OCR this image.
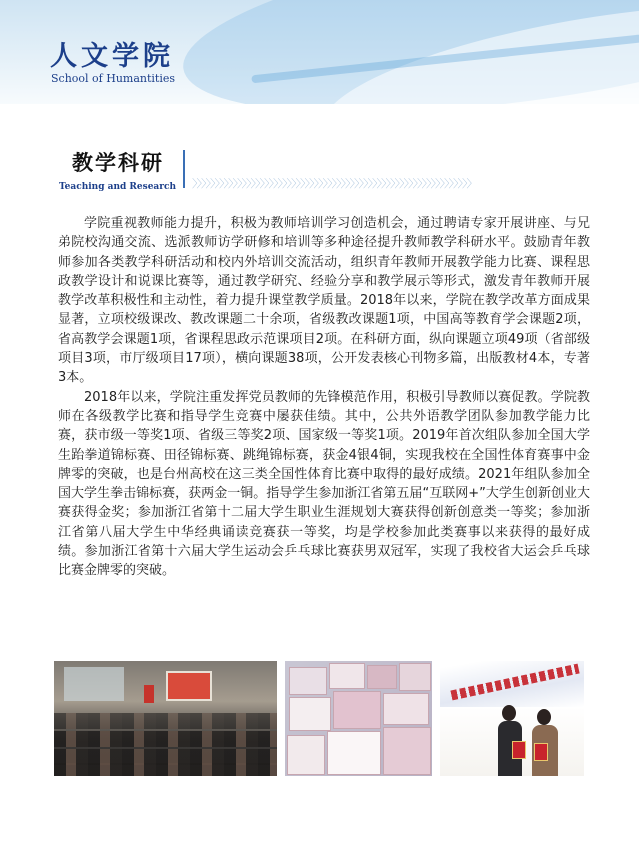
人文学院
School of Humantities
教学科研
Teaching and Research 〉〉〉〉〉〉〉〉〉〉〉〉〉〉〉〉〉〉〉〉〉〉〉〉〉〉〉〉〉〉〉〉〉〉〉〉〉〉〉〉〉〉〉〉〉〉〉〉〉〉〉〉〉〉〉〉〉〉〉〉〉〉

学院重视教师能力提升，积极为教师培训学习创造机会，通过聘请专家开展讲座、与兄弟院校沟通交流、选派教师访学研修和培训等多种途径提升教师教学科研水平。鼓励青年教师参加各类教学科研活动和校内外培训交流活动，组织青年教师开展教学能力比赛、课程思政教学设计和说课比赛等，通过教学研究、经验分享和教学展示等形式，激发青年教师开展教学改革积极性和主动性，着力提升课堂教学质量。2018年以来，学院在教学改革方面成果显著，立项校级课改、教改课题二十余项，省级教改课题1项，中国高等教育学会课题2项，省高教学会课题1项，省课程思政示范课项目2项。在科研方面，纵向课题立项49项（省部级项目3项，市厅级项目17项），横向课题38项，公开发表核心刊物多篇，出版教材4本，专著3本。

2018年以来，学院注重发挥党员教师的先锋模范作用，积极引导教师以赛促教。学院教师在各级教学比赛和指导学生竞赛中屡获佳绩。其中，公共外语教学团队参加教学能力比赛，获市级一等奖1项、省级三等奖2项、国家级一等奖1项。2019年首次组队参加全国大学生跆拳道锦标赛、田径锦标赛、跳绳锦标赛，获金4银4铜，实现我校在全国性体育赛事中金牌零的突破，也是台州高校在这三类全国性体育比赛中取得的最好成绩。2021年组队参加全国大学生拳击锦标赛，获两金一铜。指导学生参加浙江省第五届“互联网+”大学生创新创业大赛获得金奖；参加浙江省第十二届大学生职业生涯规划大赛获得创新创意类一等奖；参加浙江省第八届大学生中华经典诵读竞赛获一等奖，均是学校参加此类赛事以来获得的最好成绩。参加浙江省第十六届大学生运动会乒乓球比赛获男双冠军，实现了我校省大运会乒乓球比赛金牌零的突破。
